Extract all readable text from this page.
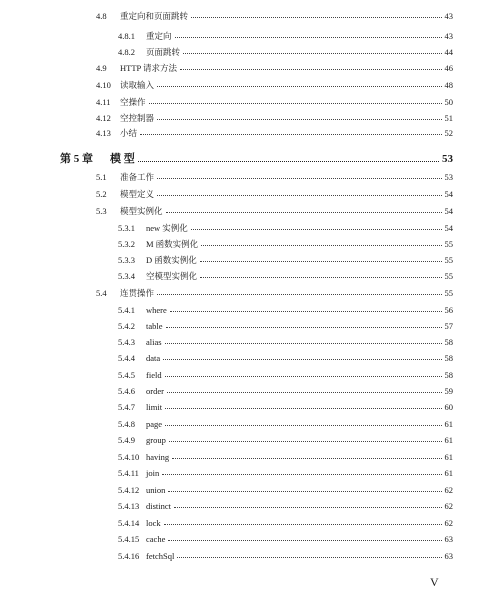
4.8	重定向和页面跳转	43
4.8.1	重定向	43
4.8.2	页面跳转	44
4.9	HTTP 请求方法	46
4.10	读取输入	48
4.11	空操作	50
4.12	空控制器	51
4.13	小结	52
第 5 章	模 型	53
5.1	准备工作	53
5.2	模型定义	54
5.3	模型实例化	54
5.3.1	new 实例化	54
5.3.2	M 函数实例化	55
5.3.3	D 函数实例化	55
5.3.4	空模型实例化	55
5.4	连贯操作	55
5.4.1	where	56
5.4.2	table	57
5.4.3	alias	58
5.4.4	data	58
5.4.5	field	58
5.4.6	order	59
5.4.7	limit	60
5.4.8	page	61
5.4.9	group	61
5.4.10 having	61
5.4.11 join	61
5.4.12 union	62
5.4.13 distinct	62
5.4.14 lock	62
5.4.15 cache	63
5.4.16 fetchSql	63
V
